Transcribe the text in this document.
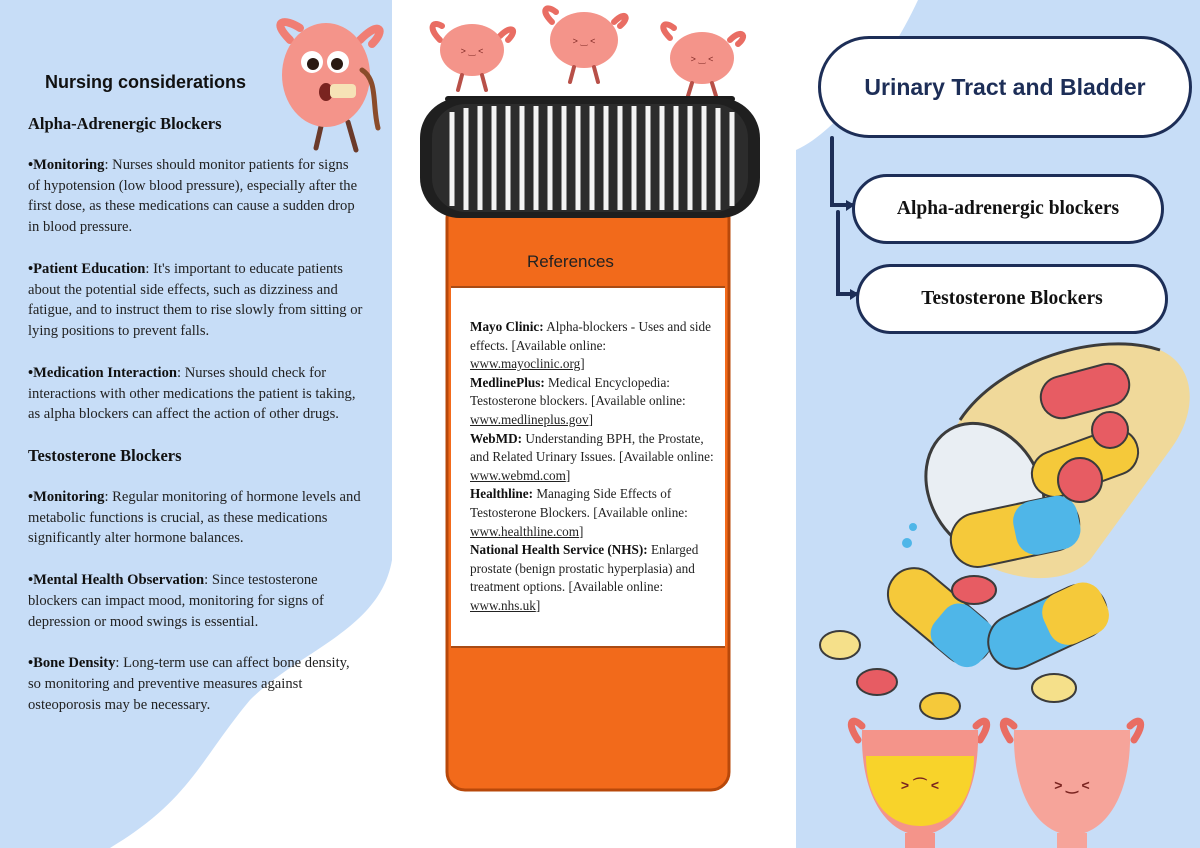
> ‿ <
> ‿ <
> ‿ <
> ⌒ <	> ‿ <
Nursing considerations
Alpha-Adrenergic Blockers

•Monitoring: Nurses should monitor patients for signs of hypotension (low blood pressure), especially after the first dose, as these medications can cause a sudden drop in blood pressure.

•Patient Education: It's important to educate patients about the potential side effects, such as dizziness and fatigue, and to instruct them to rise slowly from sitting or lying positions to prevent falls.

•Medication Interaction: Nurses should check for interactions with other medications the patient is taking, as alpha blockers can affect the action of other drugs.

Testosterone Blockers

•Monitoring: Regular monitoring of hormone levels and metabolic functions is crucial, as these medications significantly alter hormone balances.

•Mental Health Observation: Since testosterone blockers can impact mood, monitoring for signs of depression or mood swings is essential.

•Bone Density: Long-term use can affect bone density, so monitoring and preventive measures against osteoporosis may be necessary.

References
Mayo Clinic: Alpha-blockers - Uses and side effects. [Available online: www.mayoclinic.org]
MedlinePlus: Medical Encyclopedia: Testosterone blockers. [Available online: www.medlineplus.gov]
WebMD: Understanding BPH, the Prostate, and Related Urinary Issues. [Available online: www.webmd.com]
Healthline: Managing Side Effects of Testosterone Blockers. [Available online: www.healthline.com]
National Health Service (NHS): Enlarged prostate (benign prostatic hyperplasia) and treatment options. [Available online: www.nhs.uk]
Urinary Tract and Bladder
Alpha-adrenergic blockers
Testosterone Blockers
